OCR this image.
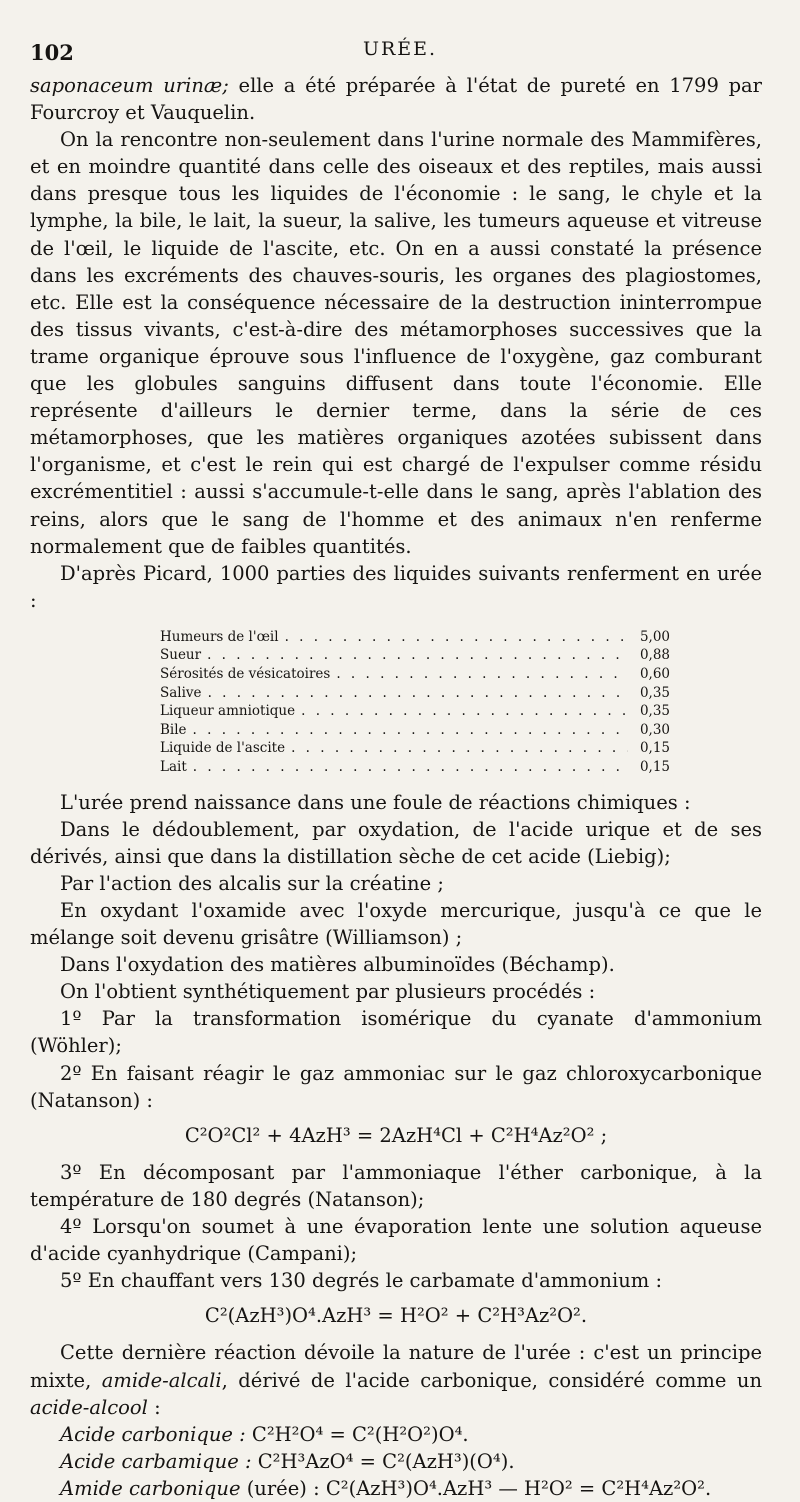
102	URÉE.

saponaceum urinæ; elle a été préparée à l'état de pureté en 1799 par Fourcroy et Vauquelin.

On la rencontre non-seulement dans l'urine normale des Mammifères, et en moindre quantité dans celle des oiseaux et des reptiles, mais aussi dans presque tous les liquides de l'économie : le sang, le chyle et la lymphe, la bile, le lait, la sueur, la salive, les tumeurs aqueuse et vitreuse de l'œil, le liquide de l'ascite, etc. On en a aussi constaté la présence dans les excréments des chauves-souris, les organes des plagiostomes, etc. Elle est la conséquence nécessaire de la destruction ininterrompue des tissus vivants, c'est-à-dire des métamorphoses successives que la trame organique éprouve sous l'influence de l'oxygène, gaz comburant que les globules sanguins diffusent dans toute l'économie. Elle représente d'ailleurs le dernier terme, dans la série de ces métamorphoses, que les matières organiques azotées subissent dans l'organisme, et c'est le rein qui est chargé de l'expulser comme résidu excrémentitiel : aussi s'accumule-t-elle dans le sang, après l'ablation des reins, alors que le sang de l'homme et des animaux n'en renferme normalement que de faibles quantités.

D'après Picard, 1000 parties des liquides suivants renferment en urée :

Humeurs de l'œil . . .	5,00
Sueur . . .	0,88
Sérosités de vésicatoires . . .	0,60
Salive . . .	0,35
Liqueur amniotique . . .	0,35
Bile . . .	0,30
Liquide de l'ascite . . .	0,15
Lait . . .	0,15

L'urée prend naissance dans une foule de réactions chimiques :

Dans le dédoublement, par oxydation, de l'acide urique et de ses dérivés, ainsi que dans la distillation sèche de cet acide (Liebig);

Par l'action des alcalis sur la créatine ;

En oxydant l'oxamide avec l'oxyde mercurique, jusqu'à ce que le mélange soit devenu grisâtre (Williamson) ;

Dans l'oxydation des matières albuminoïdes (Béchamp).

On l'obtient synthétiquement par plusieurs procédés :

1º Par la transformation isomérique du cyanate d'ammonium (Wöhler);

2º En faisant réagir le gaz ammoniac sur le gaz chloroxycarbonique (Natanson) :

C²O²Cl² + 4AzH³ = 2AzH⁴Cl + C²H⁴Az²O² ;

3º En décomposant par l'ammoniaque l'éther carbonique, à la température de 180 degrés (Natanson);

4º Lorsqu'on soumet à une évaporation lente une solution aqueuse d'acide cyanhydrique (Campani);

5º En chauffant vers 130 degrés le carbamate d'ammonium :

C²(AzH³)O⁴.AzH³ = H²O² + C²H³Az²O².

Cette dernière réaction dévoile la nature de l'urée : c'est un principe mixte, amide-alcali, dérivé de l'acide carbonique, considéré comme un acide-alcool :

Acide carbonique : C²H²O⁴ = C²(H²O²)O⁴.
Acide carbamique : C²H³AzO⁴ = C²(AzH³)(O⁴).
Amide carbonique (urée) : C²(AzH³)O⁴.AzH³ — H²O² = C²H⁴Az²O².
